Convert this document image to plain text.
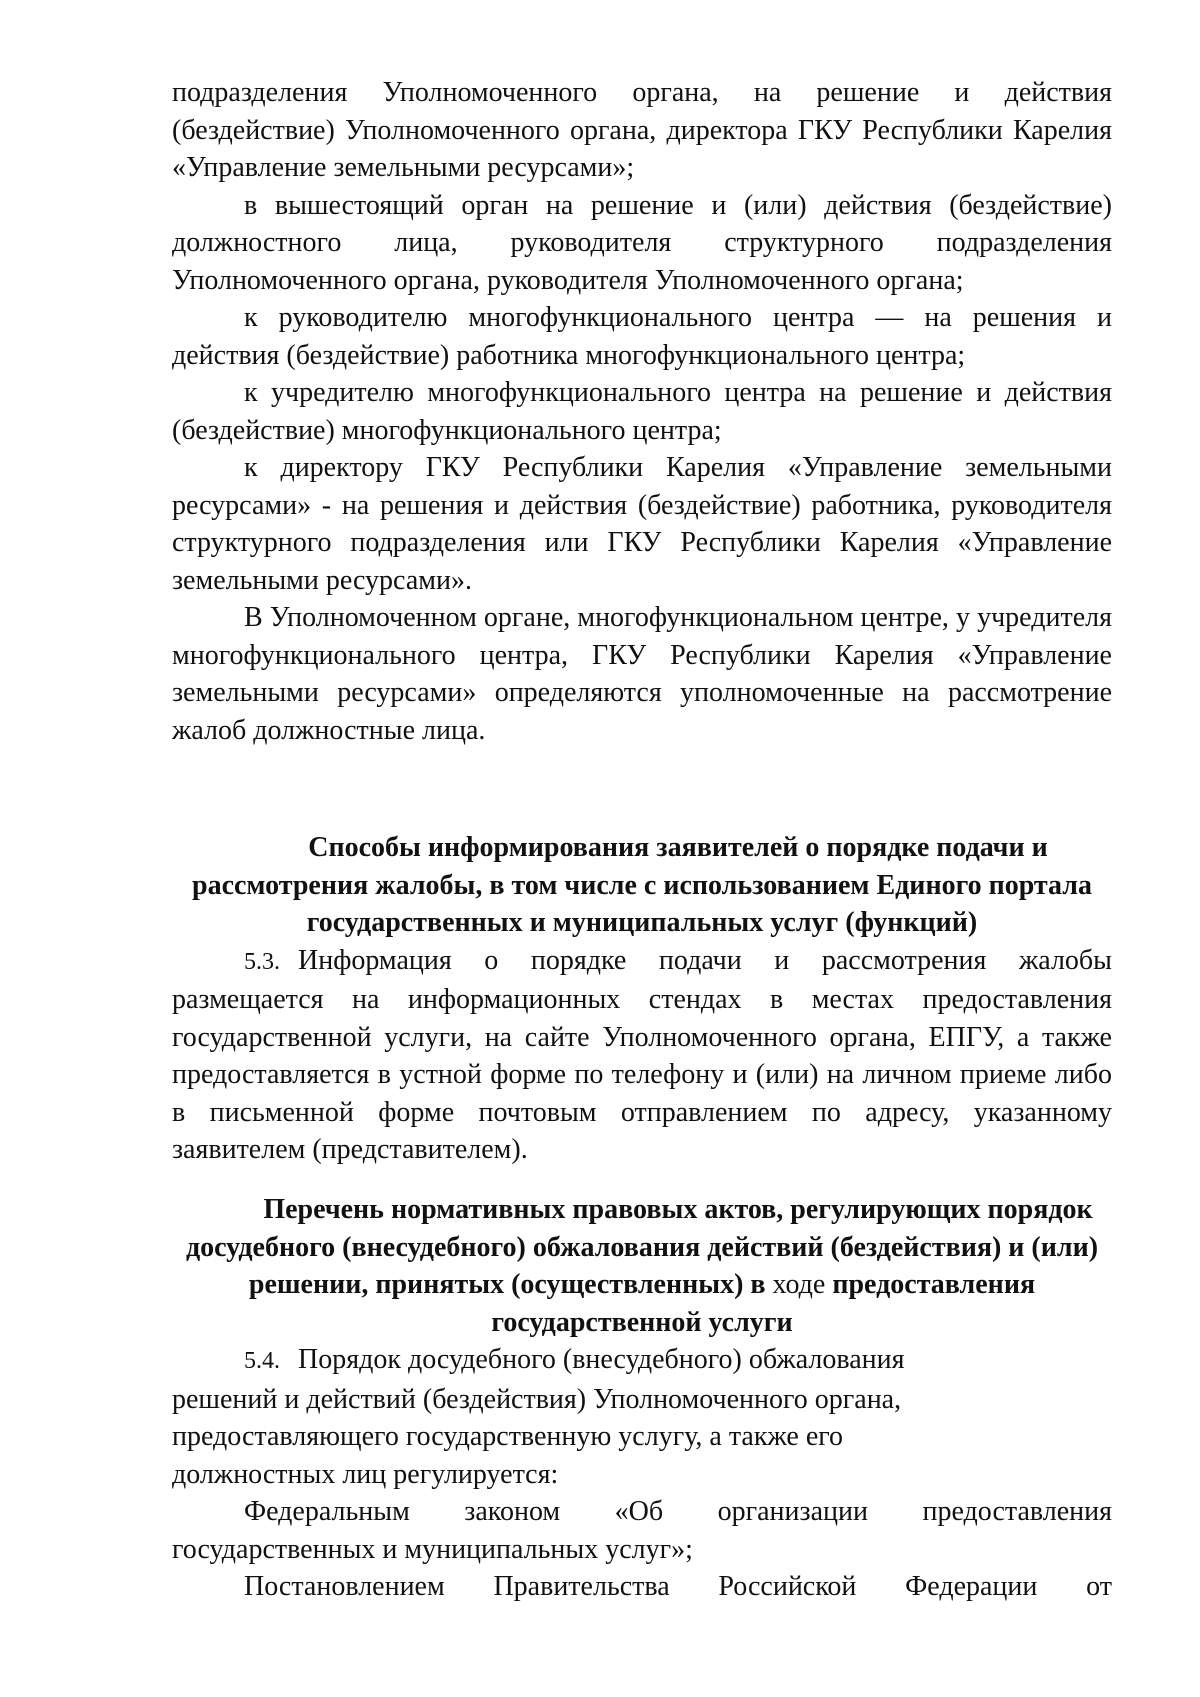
подразделения Уполномоченного органа, на решение и действия (бездействие) Уполномоченного органа, директора ГКУ Республики Карелия «Управление земельными ресурсами»;

в вышестоящий орган на решение и (или) действия (бездействие) должностного лица, руководителя структурного подразделения Уполномоченного органа, руководителя Уполномоченного органа;

к руководителю многофункционального центра — на решения и действия (бездействие) работника многофункционального центра;

к учредителю многофункционального центра на решение и действия (бездействие) многофункционального центра;

к директору ГКУ Республики Карелия «Управление земельными ресурсами» - на решения и действия (бездействие) работника, руководителя структурного подразделения или ГКУ Республики Карелия «Управление земельными ресурсами».

В Уполномоченном органе, многофункциональном центре, у учредителя многофункционального центра, ГКУ Республики Карелия «Управление земельными ресурсами» определяются уполномоченные на рассмотрение жалоб должностные лица.

Способы информирования заявителей о порядке подачи и рассмотрения жалобы, в том числе с использованием Единого портала государственных и муниципальных услуг (функций)

5.3. Информация о порядке подачи и рассмотрения жалобы размещается на информационных стендах в местах предоставления государственной услуги, на сайте Уполномоченного органа, ЕПГУ, а также предоставляется в устной форме по телефону и (или) на личном приеме либо в письменной форме почтовым отправлением по адресу, указанному заявителем (представителем).

Перечень нормативных правовых актов, регулирующих порядок досудебного (внесудебного) обжалования действий (бездействия) и (или) решении, принятых (осуществленных) в ходе предоставления государственной услуги

5.4. Порядок досудебного (внесудебного) обжалования решений и действий (бездействия) Уполномоченного органа, предоставляющего государственную услугу, а также его должностных лиц регулируется:

Федеральным законом «Об организации предоставления государственных и муниципальных услуг»;

Постановлением Правительства Российской Федерации от
